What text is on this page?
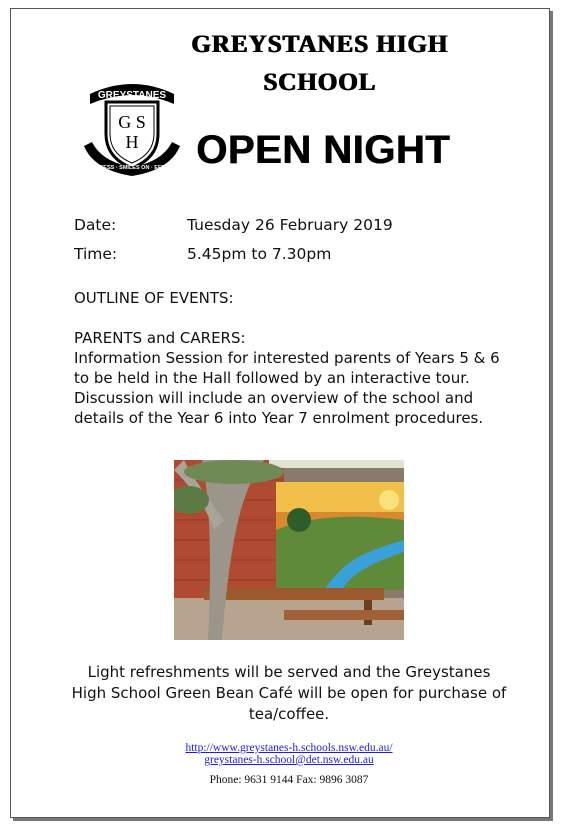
GREYSTANES
G S
H
SUCCESS · SMILES ON · EFFORT
GREYSTANES HIGH
SCHOOL
OPEN NIGHT
Date:	Tuesday 26 February 2019
Time:	5.45pm to 7.30pm
OUTLINE OF EVENTS:
PARENTS and CARERS:
Information Session for interested parents of Years 5 & 6
to be held in the Hall followed by an interactive tour.
Discussion will include an overview of the school and
details of the Year 6 into Year 7 enrolment procedures.
Light refreshments will be served and the Greystanes
High School Green Bean Café will be open for purchase of
tea/coffee.
http://www.greystanes-h.schools.nsw.edu.au/
greystanes-h.school@det.nsw.edu.au
Phone: 9631 9144 Fax: 9896 3087
